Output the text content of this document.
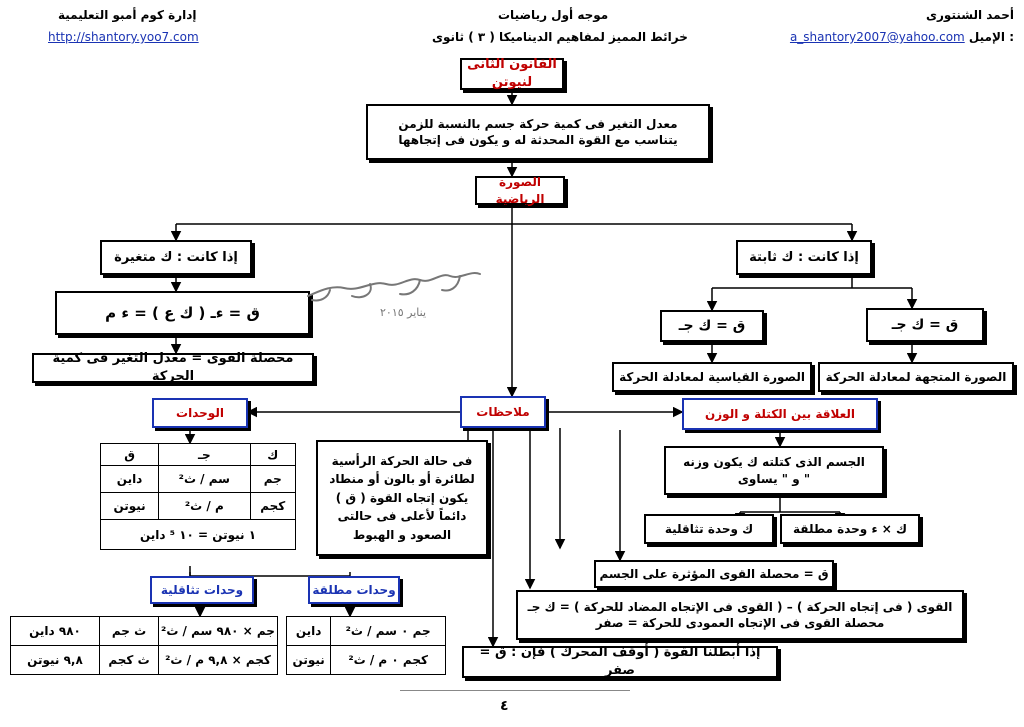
أحمد الشنتورى
a_shantory2007@yahoo.com الإميل :
موجه أول رياضيات
خرائط المميز لمفاهيم الديناميكا ( ٣ ) ثانوى
إدارة كوم أمبو التعليمية
http://shantory.yoo7.com
القانون الثانى لنيوتن
معدل التغير فى كمية حركة جسم بالنسبة للزمن يتناسب مع القوة المحدثة له و يكون فى إتجاهها
الصورة الرياضية
إذا كانت : ك متغيرة	إذا كانت : ك ثابتة
ق = ءـ ( ك ع ) = ء م
محصلة القوى = معدل التغير فى كمية الحركة
ق = ك جـ	ق = ك جـ
الصورة القياسية لمعادلة الحركة	الصورة المتجهة لمعادلة الحركة
ملاحظات
الوحدات	العلاقة بين الكتلة و الوزن
فى حالة الحركة الرأسية لطائرة أو بالون أو منطاد يكون إتجاه القوة ( ق ) دائماً لأعلى فى حالتى الصعود و الهبوط
الجسم الذى كتلته ك يكون وزنه " و " يساوى
ك × ء وحدة مطلقة
ك وحدة تثاقلية
ق = محصلة القوى المؤثرة على الجسم
القوى ( فى إتجاه الحركة ) – ( القوى فى الإتجاه المضاد للحركة ) = ك جـ
محصلة القوى فى الإتجاه العمودى للحركة = صفر
إذا أبطلنا القوة ( أوقف المحرك ) فإن : ق = صفر
وحدات مطلقة
وحدات تثاقلية
ك	جـ	ق
جم	سم / ث²	داين
كجم	م / ث²	نيوتن
١ نيوتن = ١٠ ⁵ داين		
جم ٠ سم / ث²	داين
كجم ٠ م / ث²	نيوتن
جم × ٩٨٠ سم / ث²	ث جم	٩٨٠ داين
كجم × ٩,٨ م / ث²	ث كجم	٩,٨ نيوتن
يناير ٢٠١٥
٤
